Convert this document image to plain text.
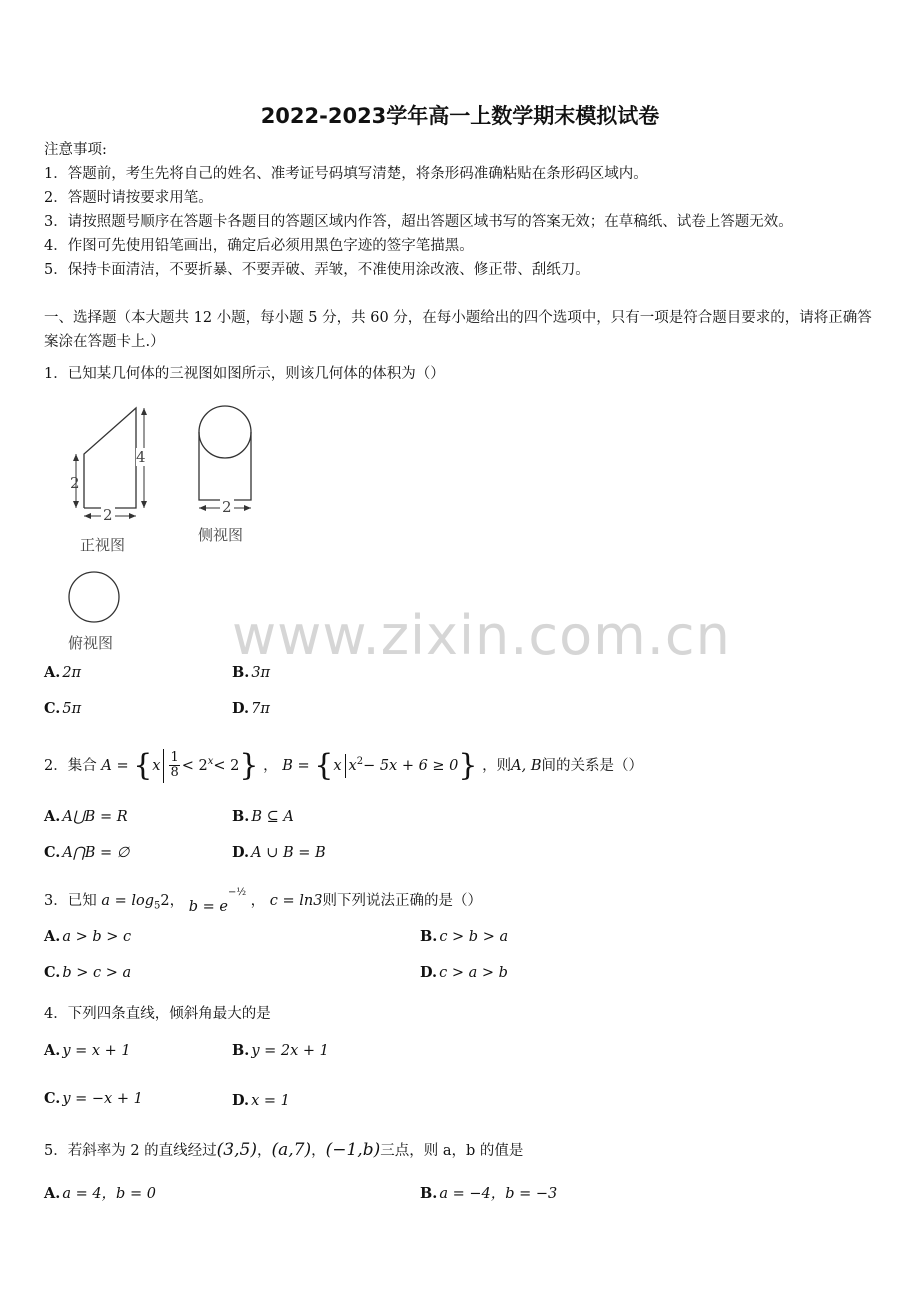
2022-2023学年高一上数学期末模拟试卷
注意事项:
1．答题前，考生先将自己的姓名、准考证号码填写清楚，将条形码准确粘贴在条形码区域内。
2．答题时请按要求用笔。
3．请按照题号顺序在答题卡各题目的答题区域内作答，超出答题区域书写的答案无效；在草稿纸、试卷上答题无效。
4．作图可先使用铅笔画出，确定后必须用黑色字迹的签字笔描黑。
5．保持卡面清洁，不要折暴、不要弄破、弄皱，不准使用涂改液、修正带、刮纸刀。
一、选择题（本大题共 12 小题，每小题 5 分，共 60 分，在每小题给出的四个选项中，只有一项是符合题目要求的，请将正确答案涂在答题卡上.）
1．已知某几何体的三视图如图所示，则该几何体的体积为（）
4
2
2
正视图
2
侧视图
俯视图 www.zixin.com.cn
A. 2π	B. 3π
C. 5π	D. 7π
2．集合 $A = \{x \frac{1}{8} < 2^x< 2\}$ ， B = {x $x^2- 5x + 6 \ge 0$} ，则A, B间的关系是（）
A. A⋃B = R	B. B ⊆ A
C. A⋂B = ∅	D. A ∪ B = B
3．已知 $a = \log_52$， $b = e^{-\frac{1}{2}}$ ， c = ln3则下列说法正确的是（）
A. a > b > c	B. c > b > a
C. b > c > a	D. c > a > b
4．下列四条直线，倾斜角最大的是
A. y = x + 1	B. y = 2x + 1
C. y = −x + 1	D. x = 1
5．若斜率为 2 的直线经过(3,5)，(a,7)，(−1,b)三点，则 a，b 的值是
A. a = 4，b = 0	B. a = −4，b = −3
